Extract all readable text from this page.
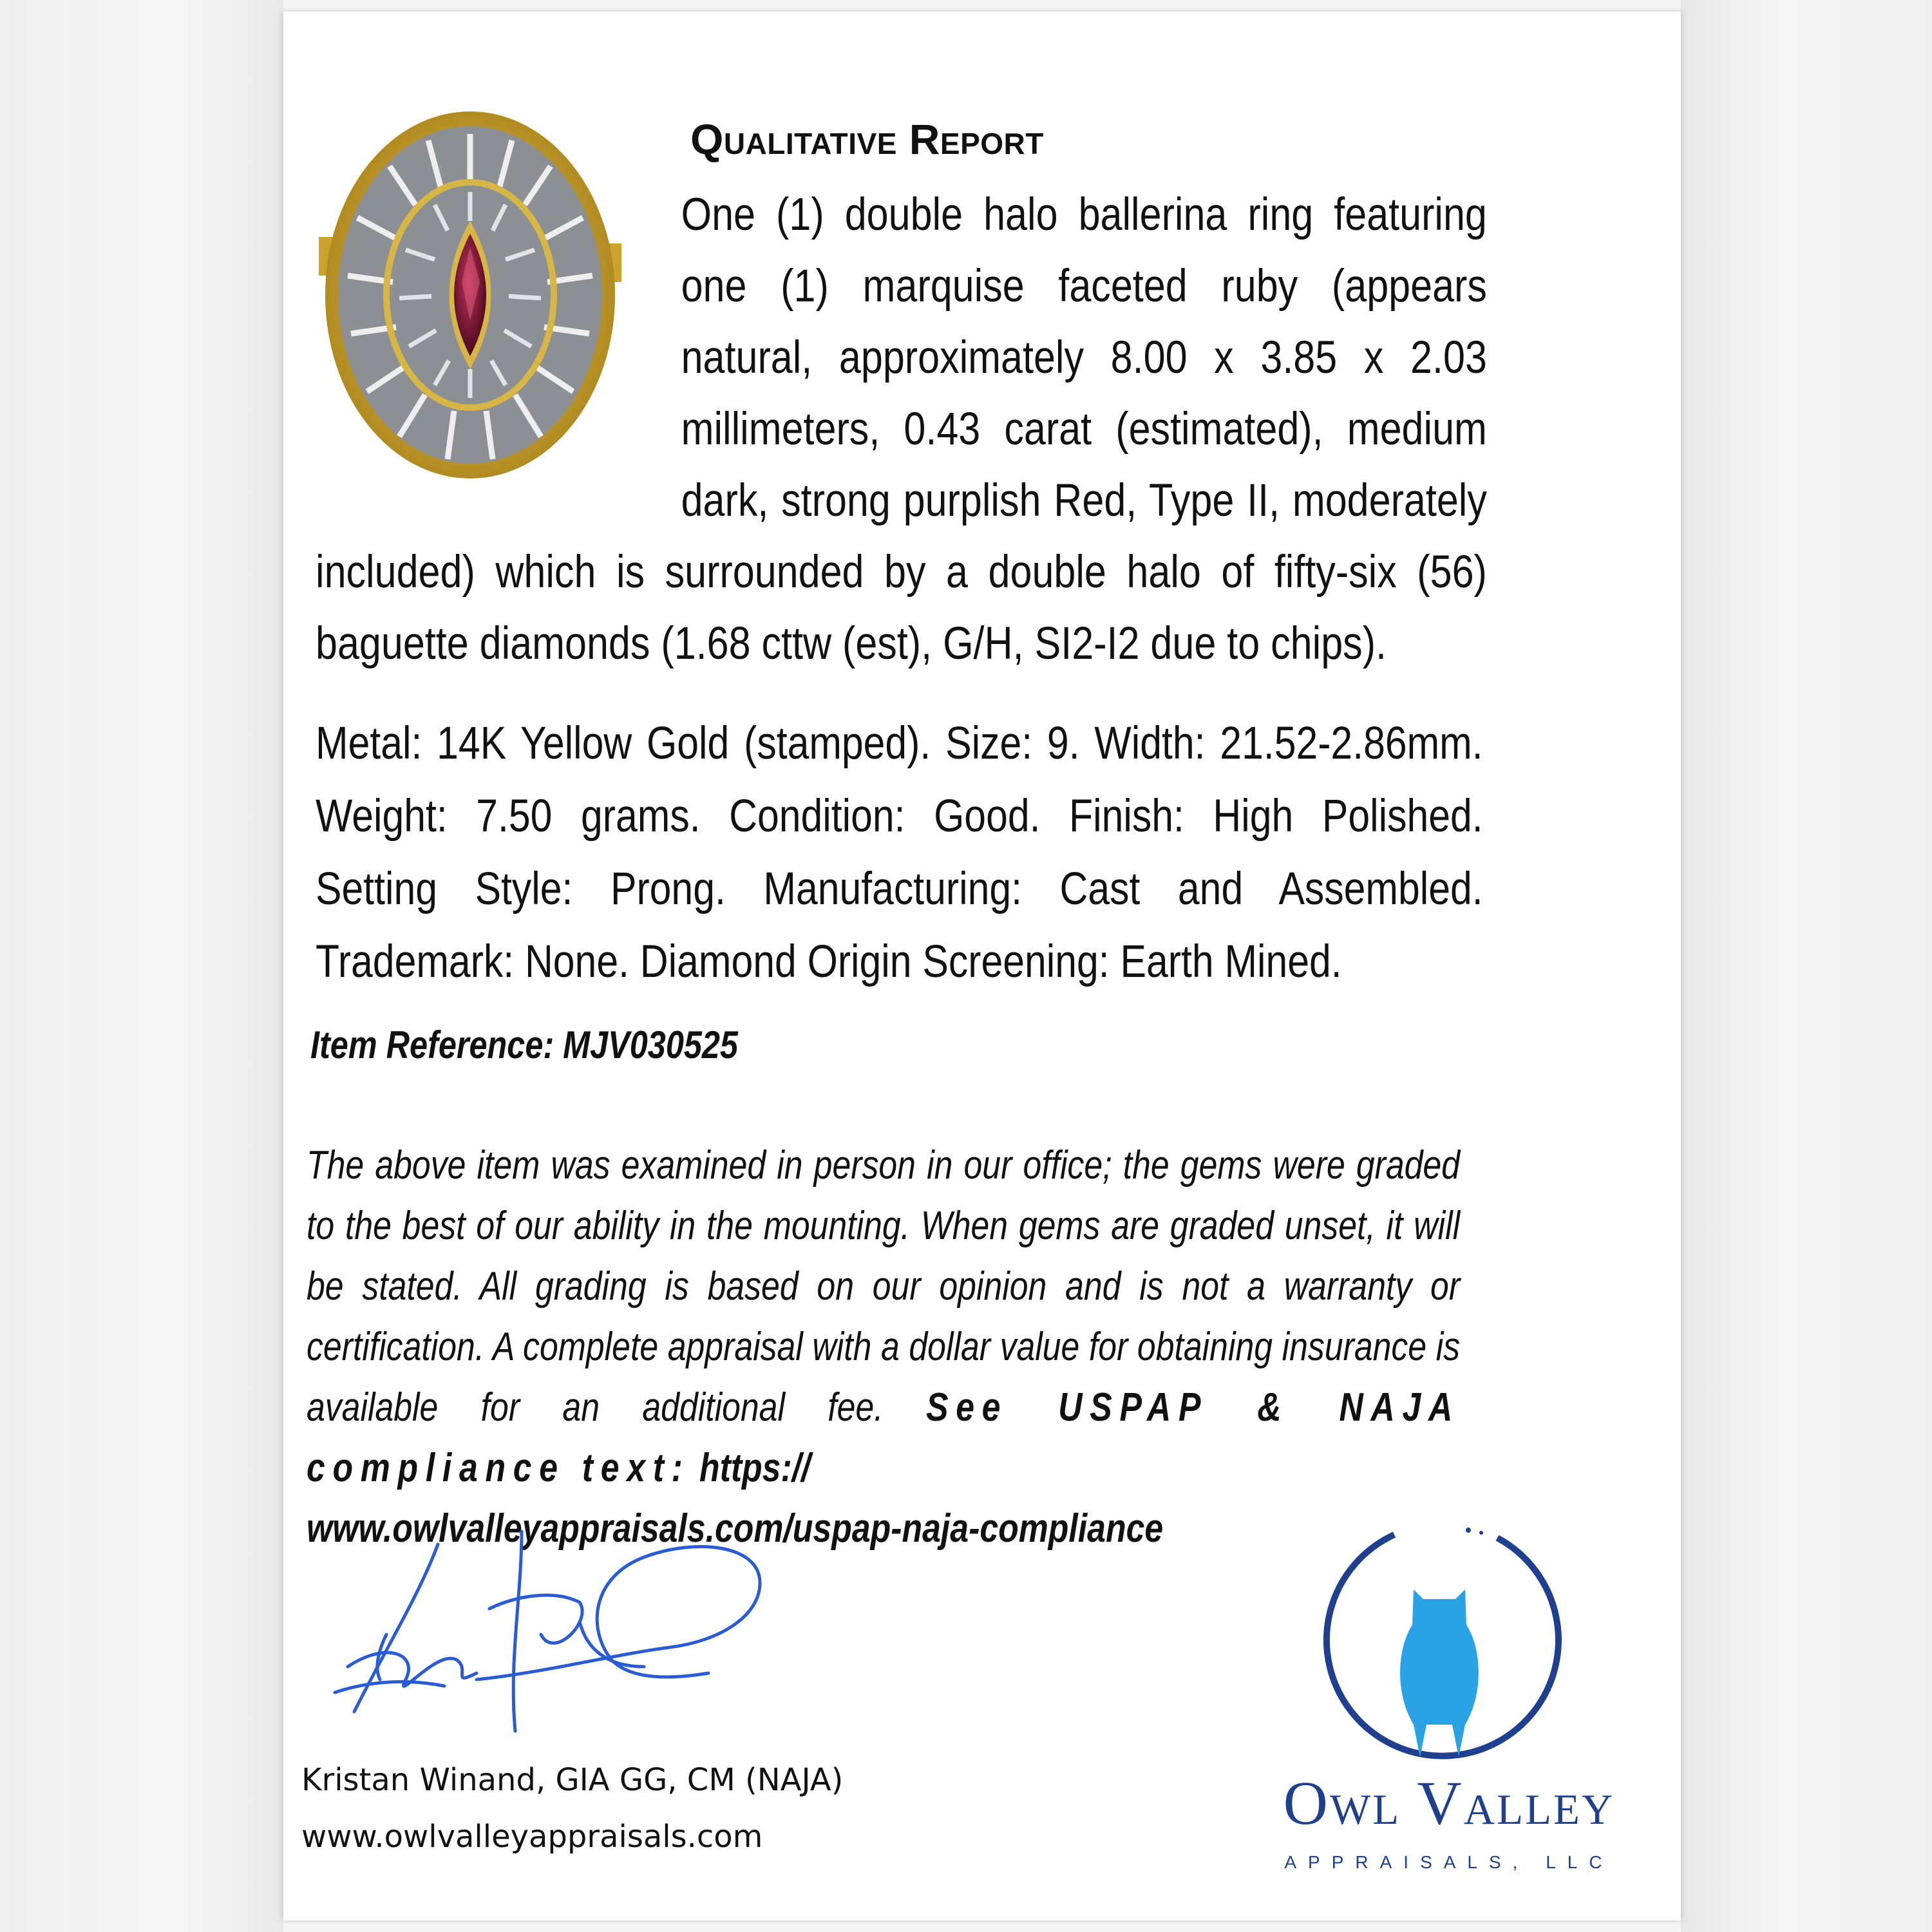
Qualitative Report

One (1) double halo ballerina ring featuring one (1) marquise faceted ruby (appears natural, approximately 8.00 x 3.85 x 2.03 millimeters, 0.43 carat (estimated), medium dark, strong purplish Red, Type II, moderately included) which is surrounded by a double halo of fifty-six (56) baguette diamonds (1.68 cttw (est), G/H, SI2-I2 due to chips).

Metal: 14K Yellow Gold (stamped). Size: 9. Width: 21.52-2.86mm. Weight: 7.50 grams. Condition: Good. Finish: High Polished. Setting Style: Prong. Manufacturing: Cast and Assembled. Trademark: None. Diamond Origin Screening: Earth Mined.

Item Reference: MJV030525

The above item was examined in person in our office; the gems were graded to the best of our ability in the mounting. When gems are graded unset, it will be stated. All grading is based on our opinion and is not a warranty or certification. A complete appraisal with a dollar value for obtaining insurance is available for an additional fee. See USPAP & NAJA compliance text: https://
www.owlvalleyappraisals.com/uspap-naja-compliance

Kristan Winand, GIA GG, CM (NAJA)
www.owlvalleyappraisals.com	Owl Valley
APPRAISALS, LLC
